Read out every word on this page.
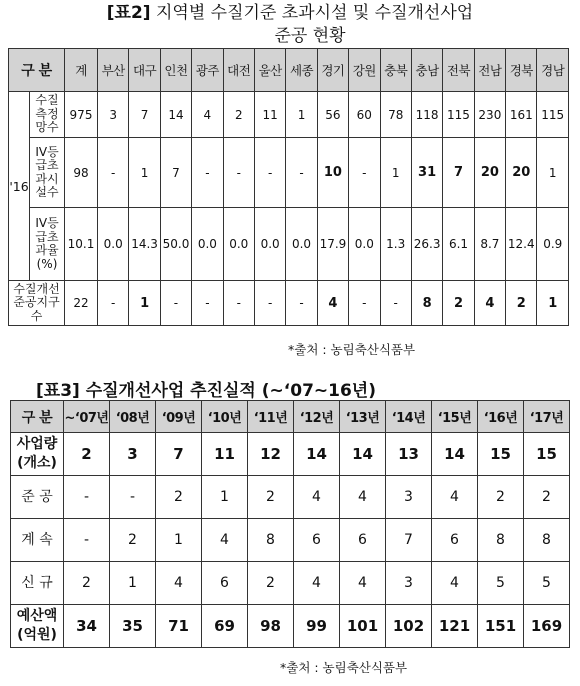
[표2] 지역별 수질기준 초과시설 및 수질개선사업
준공 현황
구 분		계	부산	대구	인천	광주	대전	울산	세종	경기	강원	충북	충남	전북	전남	경북	경남
'16	수질측정망수	975	3	7	14	4	2	11	1	56	60	78	118	115	230	161	115
	IV등급초과시설수	98	-	1	7	-	-	-	-	10	-	1	31	7	20	20	1
	IV등급초과율(%)	10.1	0.0	14.3	50.0	0.0	0.0	0.0	0.0	17.9	0.0	1.3	26.3	6.1	8.7	12.4	0.9
수질개선준공지구수		22	-	1	-	-	-	-	-	4	-	-	8	2	4	2	1
*출처 : 농림축산식품부
[표3] 수질개선사업 추진실적 (~‘07~16년)
구 분	~‘07년	‘08년	‘09년	‘10년	‘11년	‘12년	‘13년	‘14년	‘15년	‘16년	‘17년
사업량(개소)	2	3	7	11	12	14	14	13	14	15	15
준 공	-	-	2	1	2	4	4	3	4	2	2
계 속	-	2	1	4	8	6	6	7	6	8	8
신 규	2	1	4	6	2	4	4	3	4	5	5
예산액(억원)	34	35	71	69	98	99	101	102	121	151	169
*출처 : 농림축산식품부
